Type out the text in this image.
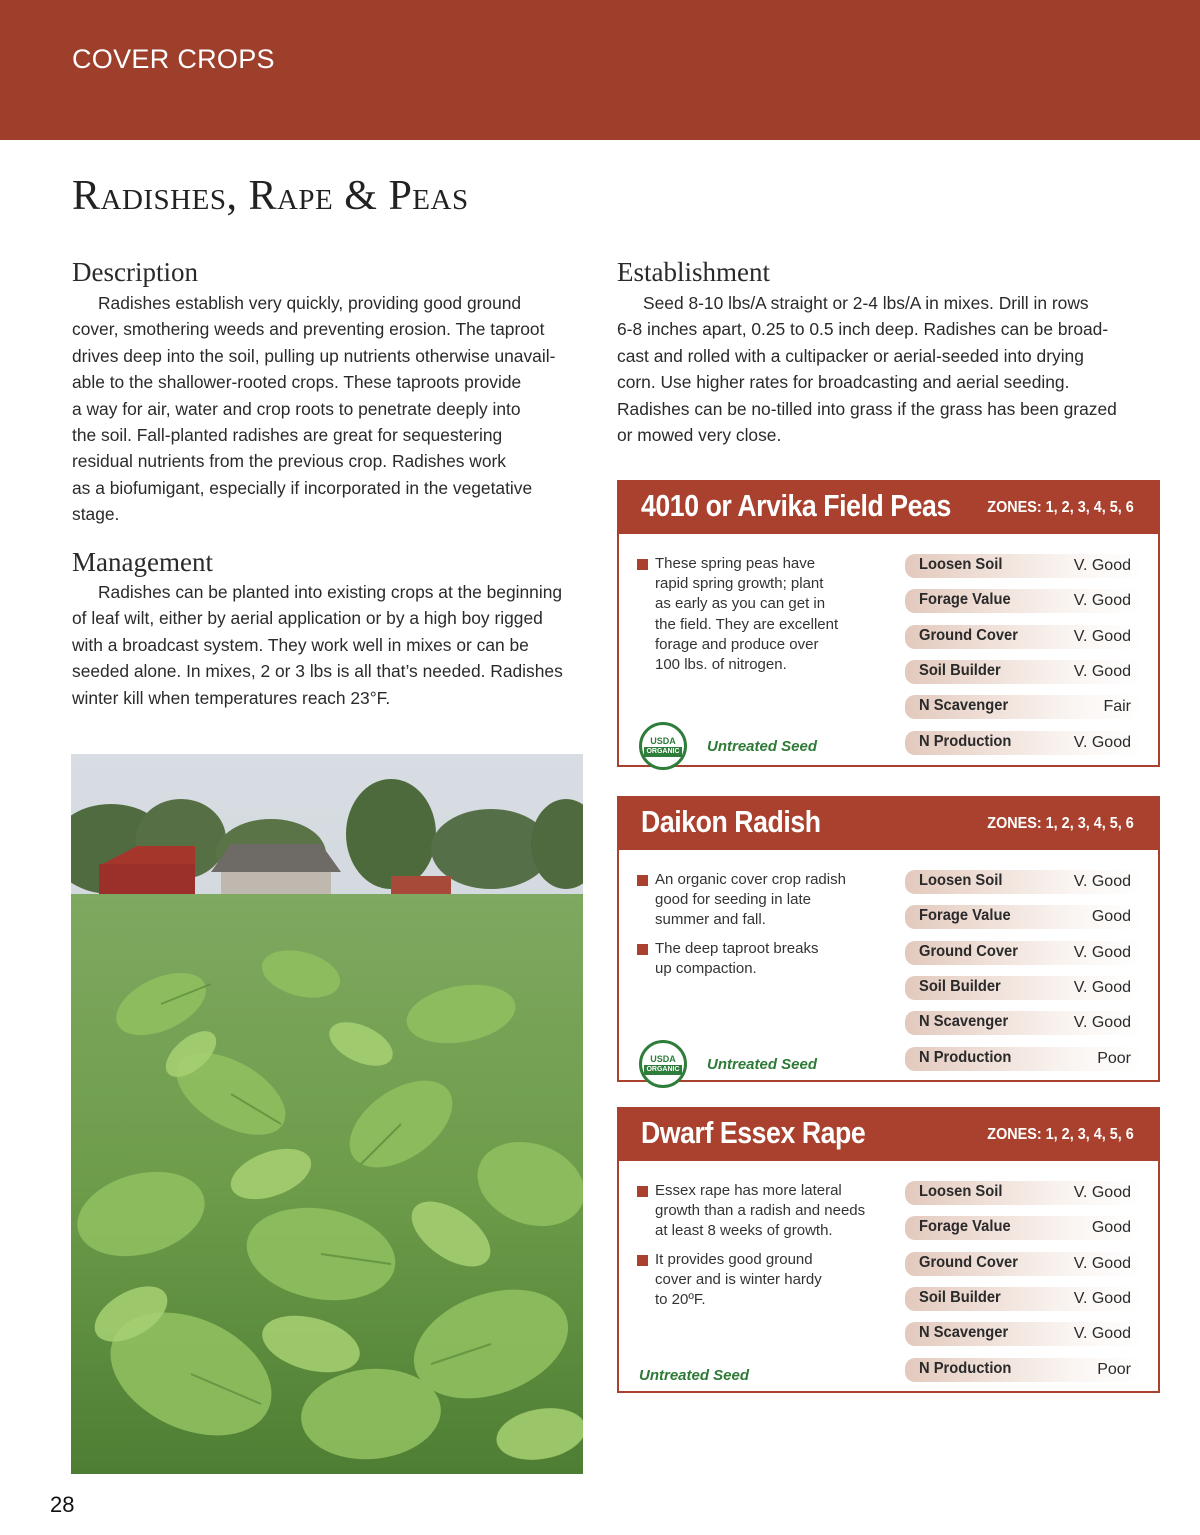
COVER CROPS
Radishes, Rape & Peas
Description
Radishes establish very quickly, providing good ground
cover, smothering weeds and preventing erosion. The taproot
drives deep into the soil, pulling up nutrients otherwise unavail-
able to the shallower-rooted crops. These taproots provide
a way for air, water and crop roots to penetrate deeply into
the soil. Fall-planted radishes are great for sequestering
residual nutrients from the previous crop. Radishes work
as a biofumigant, especially if incorporated in the vegetative
stage.
Management
Radishes can be planted into existing crops at the beginning
of leaf wilt, either by aerial application or by a high boy rigged
with a broadcast system. They work well in mixes or can be
seeded alone. In mixes, 2 or 3 lbs is all that’s needed. Radishes
winter kill when temperatures reach 23°F.
Establishment
Seed 8-10 lbs/A straight or 2-4 lbs/A in mixes. Drill in rows
6-8 inches apart, 0.25 to 0.5 inch deep. Radishes can be broad-
cast and rolled with a cultipacker or aerial-seeded into drying
corn. Use higher rates for broadcasting and aerial seeding.
Radishes can be no-tilled into grass if the grass has been grazed
or mowed very close.
4010 or Arvika Field Peas ZONES: 1, 2, 3, 4, 5, 6
These spring peas have
rapid spring growth; plant
as early as you can get in
the field. They are excellent
forage and produce over
100 lbs. of nitrogen.
USDA
ORGANIC Untreated Seed
Loosen Soil	V. Good
Forage Value	V. Good
Ground Cover	V. Good
Soil Builder	V. Good
N Scavenger	Fair
N Production	V. Good
Daikon Radish	ZONES: 1, 2, 3, 4, 5, 6
An organic cover crop radish
good for seeding in late
summer and fall.
The deep taproot breaks
up compaction.
USDA
ORGANIC Untreated Seed
Loosen Soil	V. Good
Forage Value	Good
Ground Cover	V. Good
Soil Builder	V. Good
N Scavenger	V. Good
N Production	Poor
Dwarf Essex Rape	ZONES: 1, 2, 3, 4, 5, 6
Essex rape has more lateral
growth than a radish and needs
at least 8 weeks of growth.
It provides good ground
cover and is winter hardy
to 20ºF.
Untreated Seed
Loosen Soil	V. Good
Forage Value	Good
Ground Cover	V. Good
Soil Builder	V. Good
N Scavenger	V. Good
N Production	Poor
28
